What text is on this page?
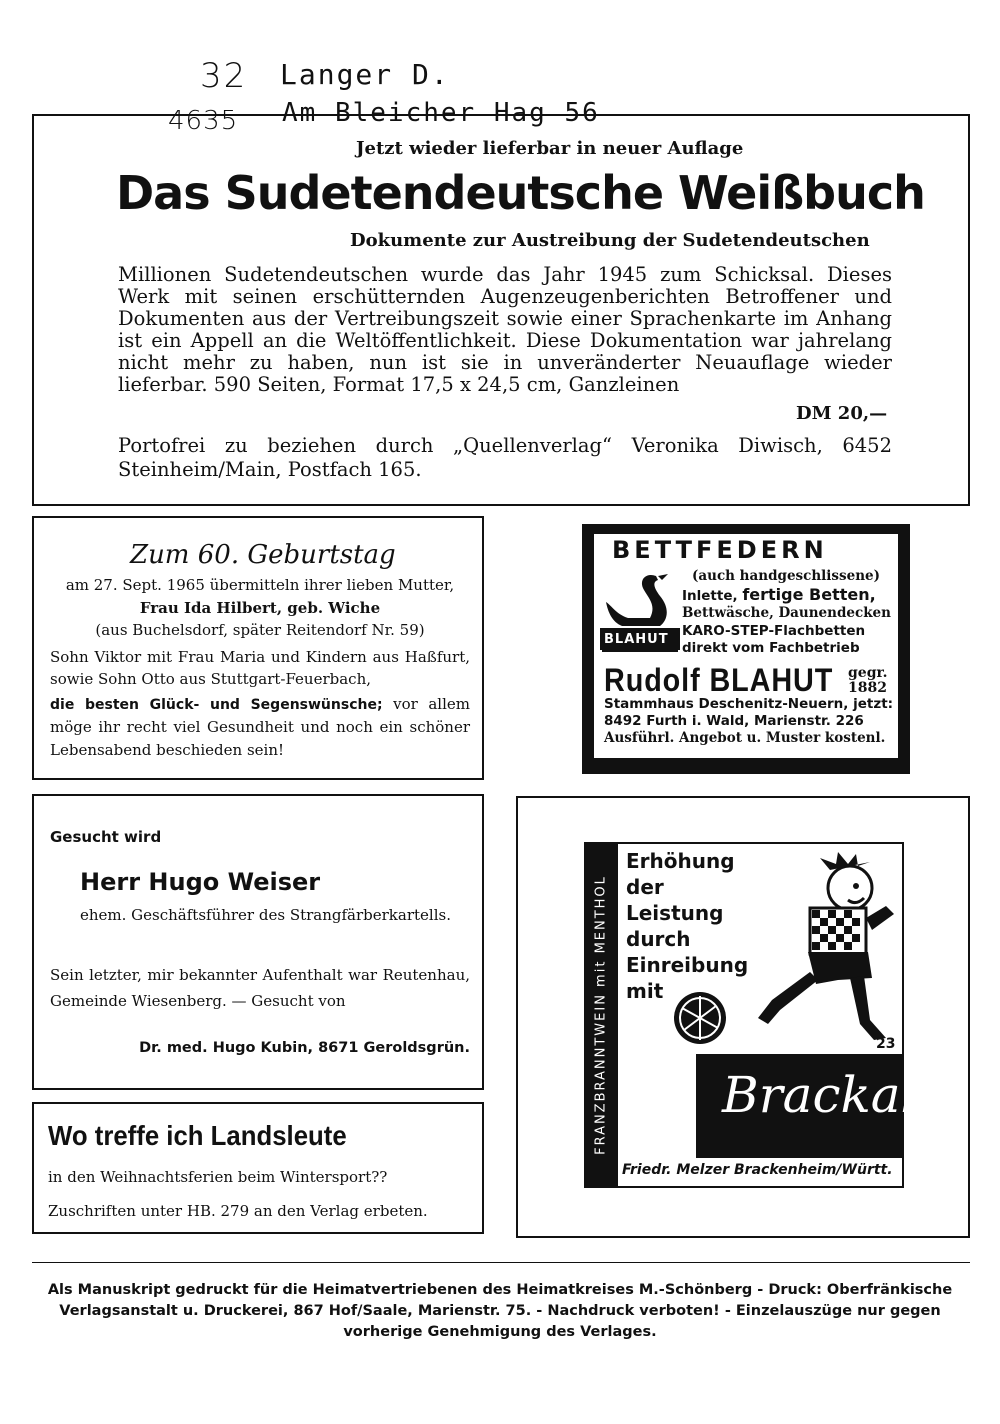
32 Langer D.
4635 Am Bleicher Hag 56
Jetzt wieder lieferbar in neuer Auflage
Das Sudetendeutsche Weißbuch
Dokumente zur Austreibung der Sudetendeutschen
Millionen Sudetendeutschen wurde das Jahr 1945 zum Schicksal. Dieses Werk mit seinen erschütternden Augenzeugenberichten Betroffener und Dokumenten aus der Vertreibungszeit sowie einer Sprachenkarte im Anhang ist ein Appell an die Weltöffentlichkeit. Diese Dokumentation war jahrelang nicht mehr zu haben, nun ist sie in unveränderter Neuauflage wieder lieferbar. 590 Seiten, Format 17,5 x 24,5 cm, Ganzleinen
DM 20,—
Portofrei zu beziehen durch „Quellenverlag“ Veronika Diwisch, 6452 Steinheim/Main, Postfach 165.
Zum 60. Geburtstag
am 27. Sept. 1965 übermitteln ihrer lieben Mutter,
Frau Ida Hilbert, geb. Wiche
(aus Buchelsdorf, später Reitendorf Nr. 59)
Sohn Viktor mit Frau Maria und Kindern aus Haßfurt, sowie Sohn Otto aus Stuttgart-Feuerbach,
die besten Glück- und Segenswünsche; vor allem möge ihr recht viel Gesundheit und noch ein schöner Lebensabend beschieden sein!
BETTFEDERN
BLAHUT
(auch handgeschlissene)
Inlette, fertige Betten,
Bettwäsche, Daunendecken
KARO-STEP-Flachbetten
direkt vom Fachbetrieb
Rudolf BLAHUT gegr.
1882
Stammhaus Deschenitz-Neuern, jetzt:
8492 Furth i. Wald, Marienstr. 226
Ausführl. Angebot u. Muster kostenl.
Gesucht wird
Herr Hugo Weiser
ehem. Geschäftsführer des Strangfärberkartells.
Sein letzter, mir bekannter Aufenthalt war Reutenhau, Gemeinde Wiesenberg. — Gesucht von
Dr. med. Hugo Kubin, 8671 Geroldsgrün.	FRANZBRANNTWEIN mit MENTHOL
Erhöhung
der
Leistung
durch
Einreibung
mit
23
Brackal
Friedr. Melzer Brackenheim/Württ.
Wo treffe ich Landsleute
in den Weihnachtsferien beim Wintersport??
Zuschriften unter HB. 279 an den Verlag erbeten.
Als Manuskript gedruckt für die Heimatvertriebenen des Heimatkreises M.-Schönberg - Druck: Oberfränkische Verlagsanstalt u. Druckerei, 867 Hof/Saale, Marienstr. 75. - Nachdruck verboten! - Einzelauszüge nur gegen vorherige Genehmigung des Verlages.
